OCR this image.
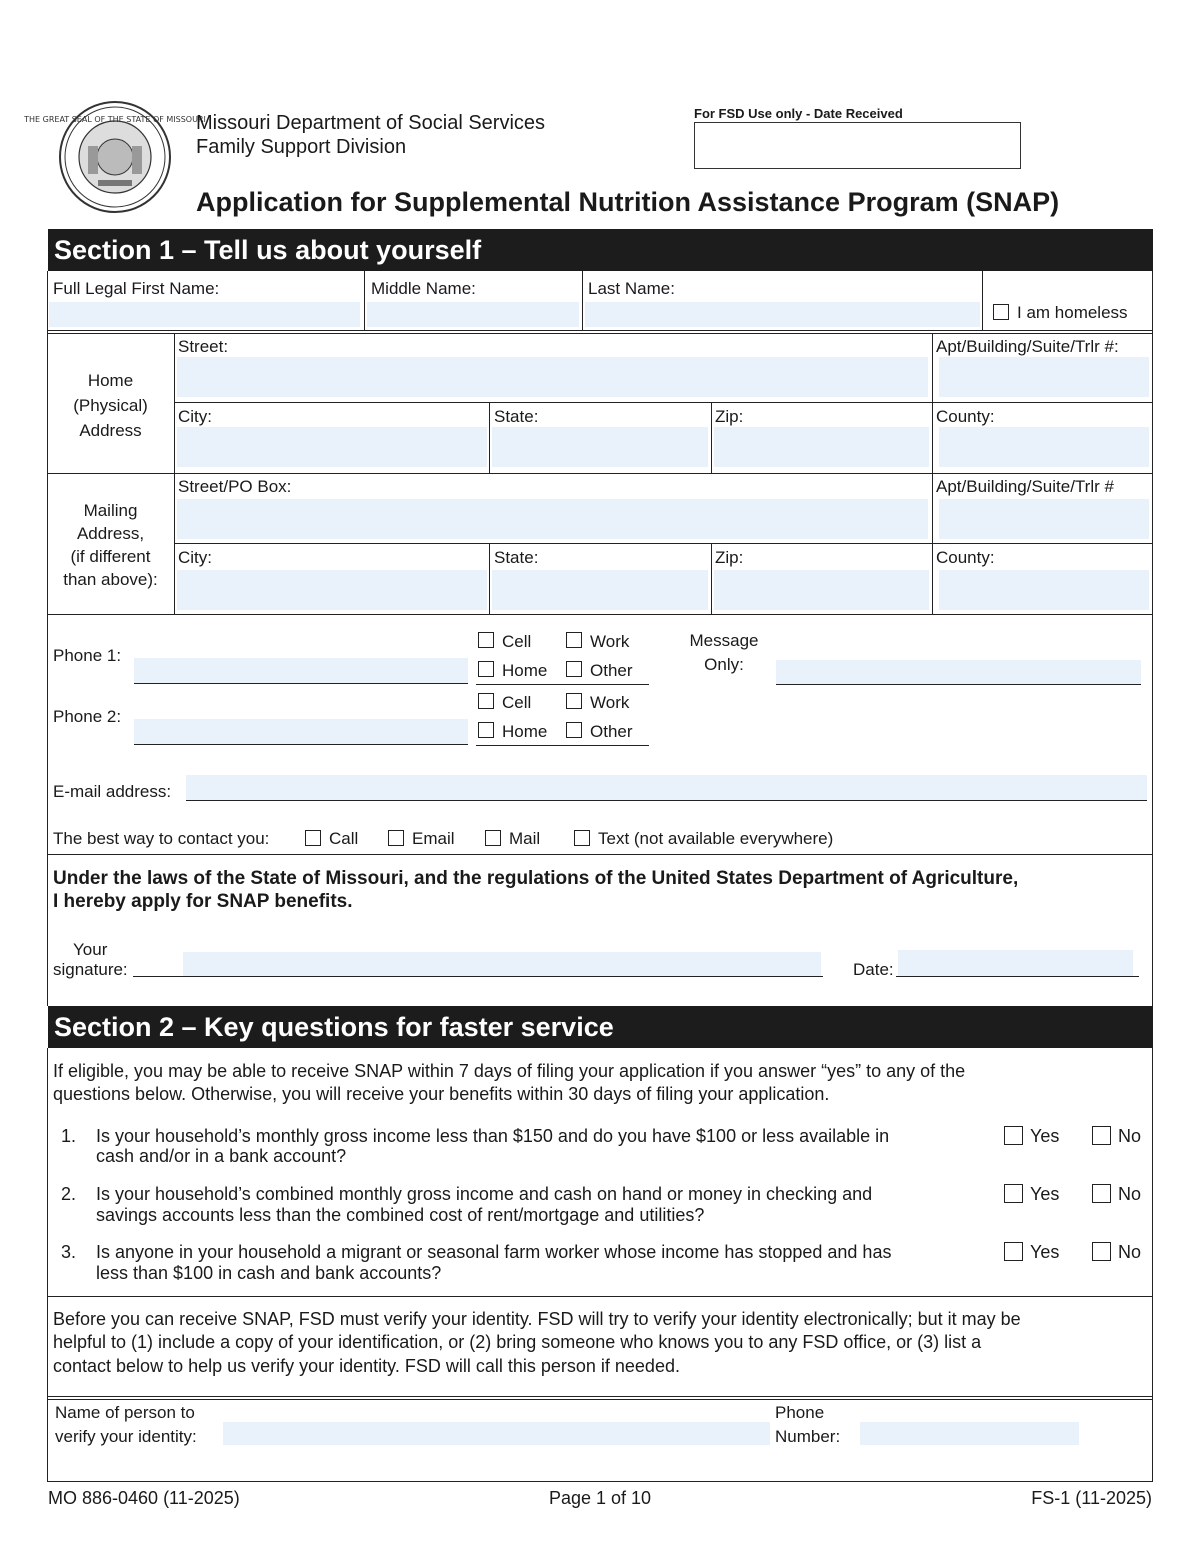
THE GREAT SEAL OF THE STATE OF MISSOURI
Missouri Department of Social Services
Family Support Division
For FSD Use only - Date Received
Application for Supplemental Nutrition Assistance Program (SNAP)
Section 1 – Tell us about yourself
Full Legal First Name:	Middle Name:	Last Name:
I am homeless
Home
(Physical)
Address
Street:	Apt/Building/Suite/Trlr #:
City:	State:	Zip:	County:
Mailing
Address,
(if different
than above):
Street/PO Box:	Apt/Building/Suite/Trlr #
City:	State:	Zip:	County:
Phone 1:
Cell	Work
Home	Other
Message
Only:
Phone 2:
Cell	Work
Home	Other
E-mail address:
The best way to contact you:	Call	Email	Mail	Text (not available everywhere)
Under the laws of the State of Missouri, and the regulations of the United States Department of Agriculture,
I hereby apply for SNAP benefits.
Your
signature:	Date:
Section 2 – Key questions for faster service
If eligible, you may be able to receive SNAP within 7 days of filing your application if you answer “yes” to any of the
questions below. Otherwise, you will receive your benefits within 30 days of filing your application.
1. Is your household’s monthly gross income less than $150 and do you have $100 or less available in
cash and/or in a bank account?
Yes	No
2. Is your household’s combined monthly gross income and cash on hand or money in checking and
savings accounts less than the combined cost of rent/mortgage and utilities?
Yes	No
3. Is anyone in your household a migrant or seasonal farm worker whose income has stopped and has
less than $100 in cash and bank accounts?
Yes	No
Before you can receive SNAP, FSD must verify your identity. FSD will try to verify your identity electronically; but it may be
helpful to (1) include a copy of your identification, or (2) bring someone who knows you to any FSD office, or (3) list a
contact below to help us verify your identity. FSD will call this person if needed.
Name of person to
verify your identity:
Phone
Number:
MO 886-0460 (11-2025)	Page 1 of 10	FS-1 (11-2025)
